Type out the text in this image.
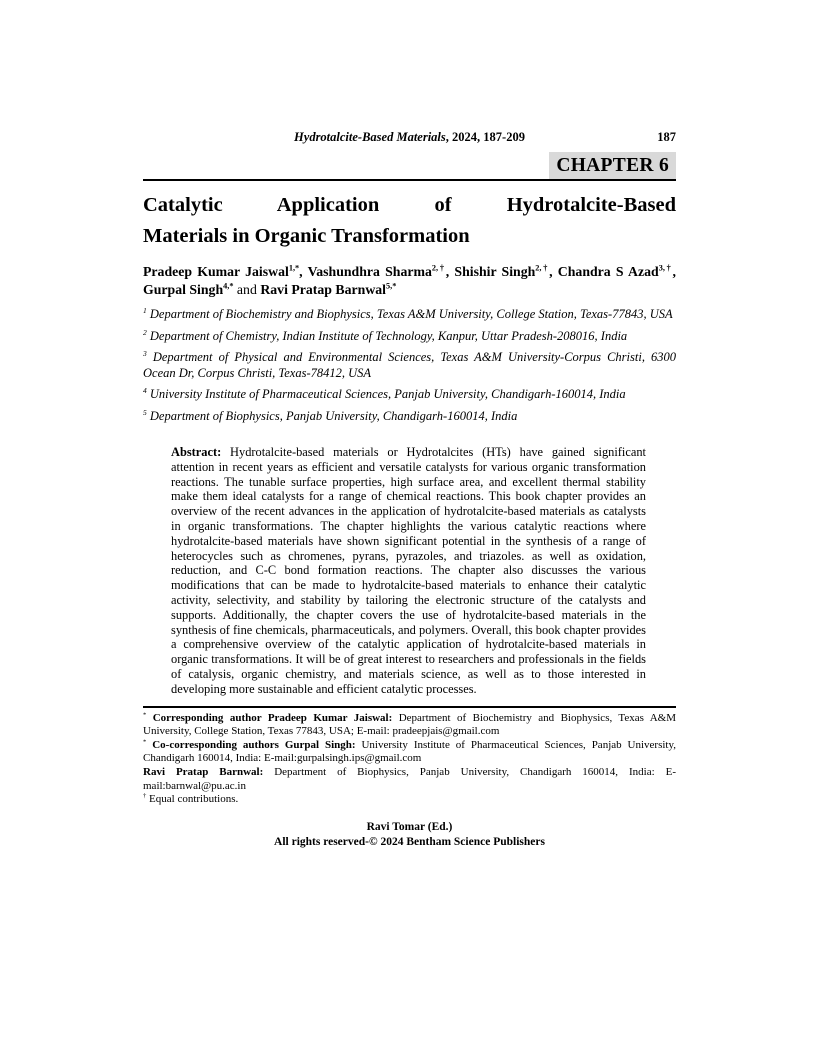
Hydrotalcite-Based Materials, 2024, 187-209	187
CHAPTER 6
Catalytic Application of Hydrotalcite-Based
Materials in Organic Transformation

Pradeep Kumar Jaiswal$^{1,*}$, Vashundhra Sharma$^{2,\dagger}$, Shishir Singh$^{2,\dagger}$, Chandra S Azad$^{3,\dagger}$, Gurpal Singh$^{4,*}$ and Ravi Pratap Barnwal$^{5,*}$

$^1$ Department of Biochemistry and Biophysics, Texas A&M University, College Station, Texas-77843, USA

$^2$ Department of Chemistry, Indian Institute of Technology, Kanpur, Uttar Pradesh-208016, India

$^3$ Department of Physical and Environmental Sciences, Texas A&M University-Corpus Christi, 6300 Ocean Dr, Corpus Christi, Texas-78412, USA

$^4$ University Institute of Pharmaceutical Sciences, Panjab University, Chandigarh-160014, India

$^5$ Department of Biophysics, Panjab University, Chandigarh-160014, India

Abstract: Hydrotalcite-based materials or Hydrotalcites (HTs) have gained significant attention in recent years as efficient and versatile catalysts for various organic transformation reactions. The tunable surface properties, high surface area, and excellent thermal stability make them ideal catalysts for a range of chemical reactions. This book chapter provides an overview of the recent advances in the application of hydrotalcite-based materials as catalysts in organic transformations. The chapter highlights the various catalytic reactions where hydrotalcite-based materials have shown significant potential in the synthesis of a range of heterocycles such as chromenes, pyrans, pyrazoles, and triazoles. as well as oxidation, reduction, and C-C bond formation reactions. The chapter also discusses the various modifications that can be made to hydrotalcite-based materials to enhance their catalytic activity, selectivity, and stability by tailoring the electronic structure of the catalysts and supports. Additionally, the chapter covers the use of hydrotalcite-based materials in the synthesis of fine chemicals, pharmaceuticals, and polymers. Overall, this book chapter provides a comprehensive overview of the catalytic application of hydrotalcite-based materials in organic transformations. It will be of great interest to researchers and professionals in the fields of catalysis, organic chemistry, and materials science, as well as to those interested in developing more sustainable and efficient catalytic processes.

* Corresponding author Pradeep Kumar Jaiswal: Department of Biochemistry and Biophysics, Texas A&M University, College Station, Texas 77843, USA; E-mail: pradeepjais@gmail.com

* Co-corresponding authors Gurpal Singh: University Institute of Pharmaceutical Sciences, Panjab University, Chandigarh 160014, India: E-mail:gurpalsingh.ips@gmail.com

Ravi Pratap Barnwal: Department of Biophysics, Panjab University, Chandigarh 160014, India: E-mail:barnwal@pu.ac.in

† Equal contributions.

Ravi Tomar (Ed.)
All rights reserved-© 2024 Bentham Science Publishers
